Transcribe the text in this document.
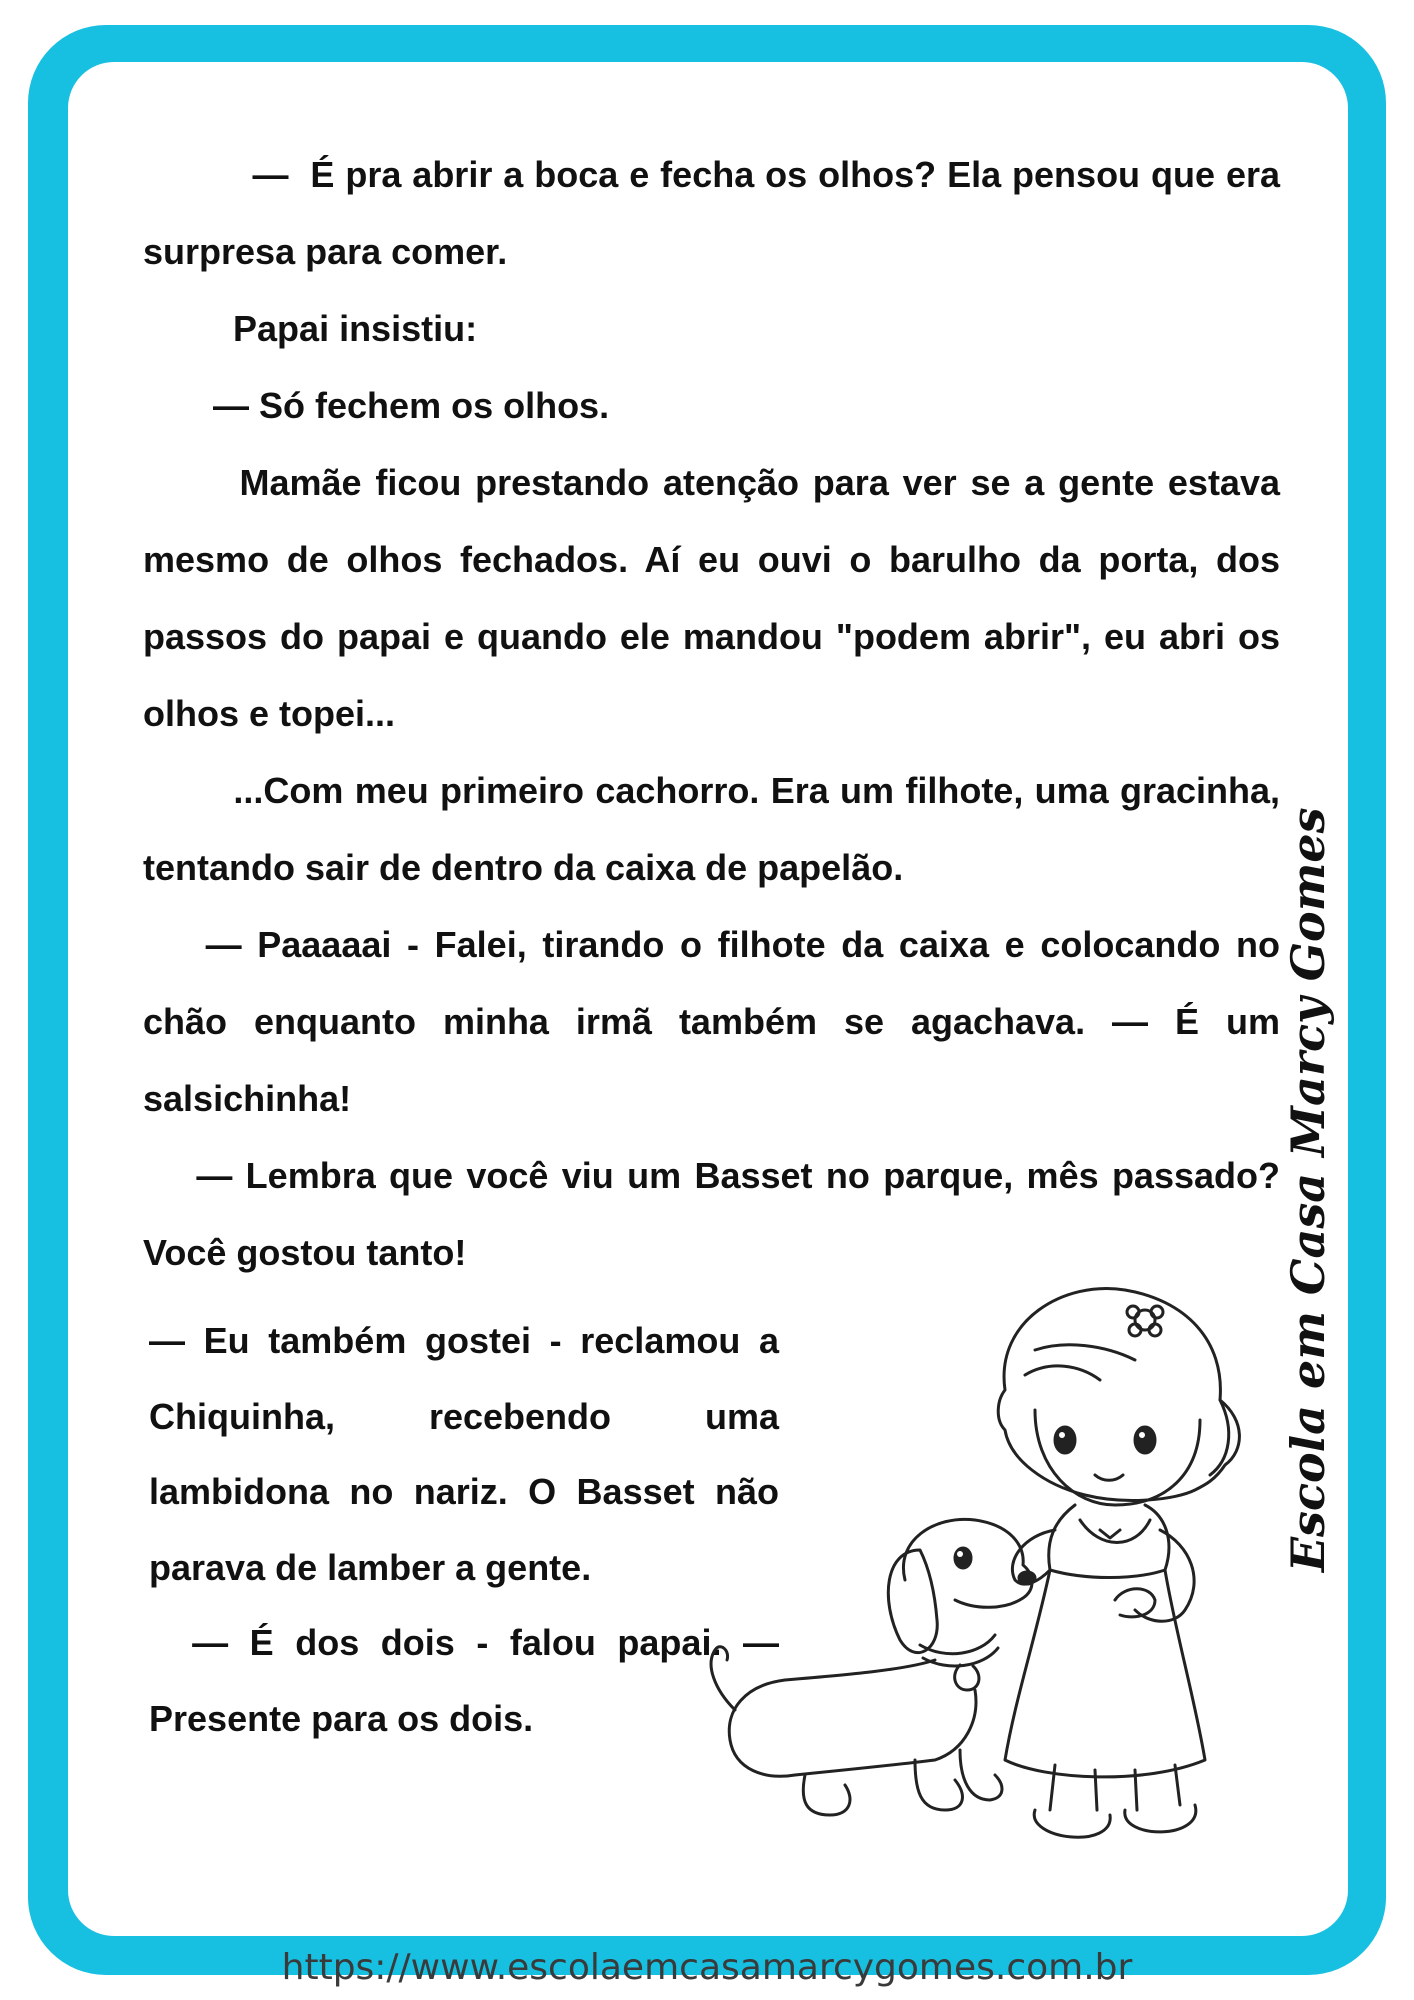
—  É pra abrir a boca e fecha os olhos? Ela pensou que era surpresa para comer.

Papai insistiu:

— Só fechem os olhos.

Mamãe ficou prestando atenção para ver se a gente estava mesmo de olhos fechados. Aí eu ouvi o barulho da porta, dos passos do papai e quando ele mandou "podem abrir", eu abri os olhos e topei...

...Com meu primeiro cachorro. Era um filhote, uma gracinha, tentando sair de dentro da caixa de papelão.

— Paaaaai - Falei, tirando o filhote da caixa e colocando no chão enquanto minha irmã também se agachava. — É um salsichinha!

— Lembra que você viu um Basset no parque, mês passado? Você gostou tanto!

— Eu também gostei - reclamou a Chiquinha, recebendo uma lambidona no nariz. O Basset não parava de lamber a gente.

— É dos dois - falou papai. — Presente para os dois.

Escola em Casa Marcy Gomes
https://www.escolaemcasamarcygomes.com.br
